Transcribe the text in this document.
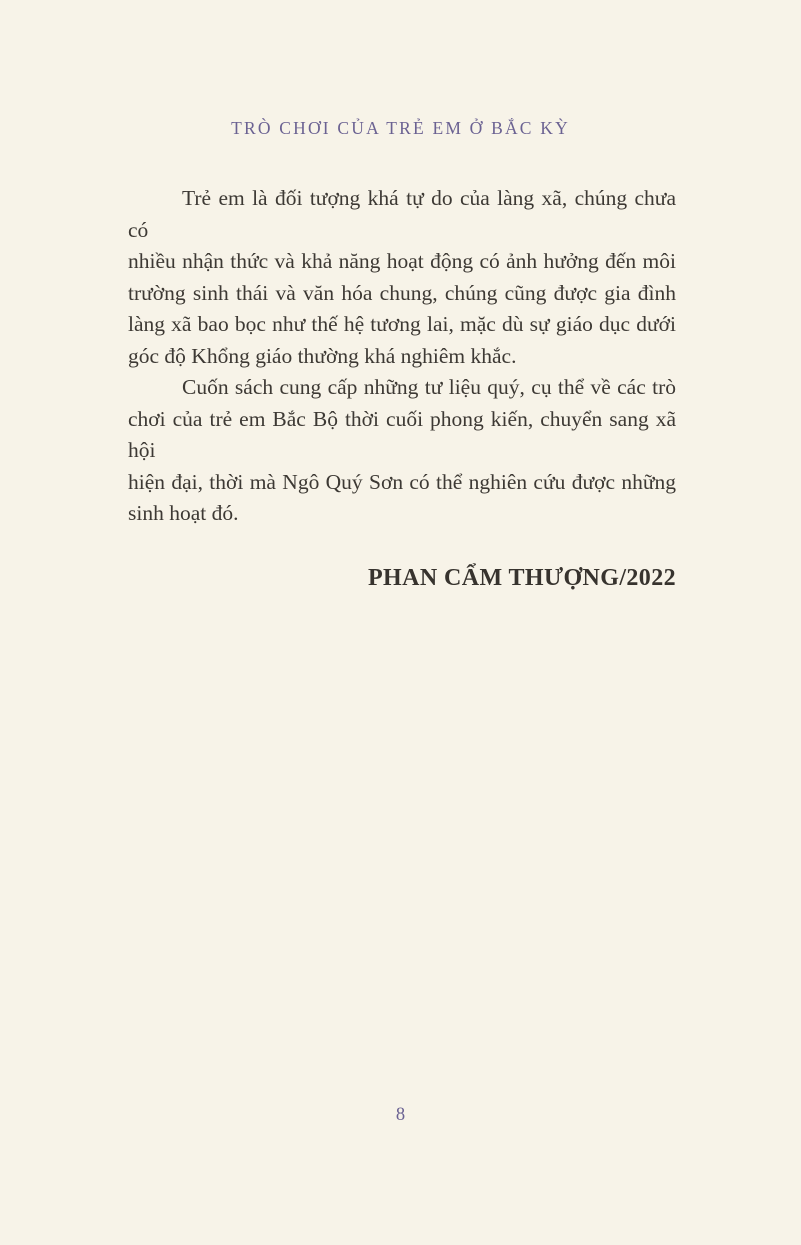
TRÒ CHƠI CỦA TRẺ EM Ở BẮC KỲ
Trẻ em là đối tượng khá tự do của làng xã, chúng chưa có
nhiều nhận thức và khả năng hoạt động có ảnh hưởng đến môi
trường sinh thái và văn hóa chung, chúng cũng được gia đình
làng xã bao bọc như thế hệ tương lai, mặc dù sự giáo dục dưới
góc độ Khổng giáo thường khá nghiêm khắc.
Cuốn sách cung cấp những tư liệu quý, cụ thể về các trò
chơi của trẻ em Bắc Bộ thời cuối phong kiến, chuyển sang xã hội
hiện đại, thời mà Ngô Quý Sơn có thể nghiên cứu được những
sinh hoạt đó.
PHAN CẨM THƯỢNG/2022
8
